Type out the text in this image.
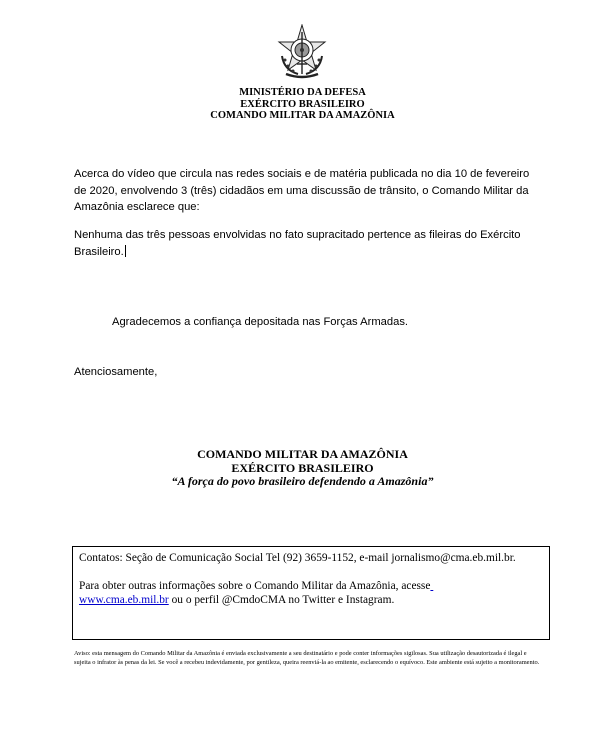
MINISTÉRIO DA DEFESA
EXÉRCITO BRASILEIRO
COMANDO MILITAR DA AMAZÔNIA
Acerca do vídeo que circula nas redes sociais e de matéria publicada no dia 10 de fevereiro de 2020, envolvendo 3 (três) cidadãos em uma discussão de trânsito, o Comando Militar da Amazônia esclarece que:
Nenhuma das três pessoas envolvidas no fato supracitado pertence as fileiras do Exército Brasileiro.
Agradecemos a confiança depositada nas Forças Armadas.
Atenciosamente,
COMANDO MILITAR DA AMAZÔNIA
EXÉRCITO BRASILEIRO
“A força do povo brasileiro defendendo a Amazônia”

Contatos: Seção de Comunicação Social Tel (92) 3659-1152, e-mail jornalismo@cma.eb.mil.br.

Para obter outras informações sobre o Comando Militar da Amazônia, acesse
www.cma.eb.mil.br ou o perfil @CmdoCMA no Twitter e Instagram.

Aviso: esta mensagem do Comando Militar da Amazônia é enviada exclusivamente a seu destinatário e pode conter informações sigilosas. Sua utilização desautorizada é ilegal e sujeita o infrator às penas da lei. Se você a recebeu indevidamente, por gentileza, queira reenviá-la ao emitente, esclarecendo o equívoco. Este ambiente está sujeito a monitoramento.
